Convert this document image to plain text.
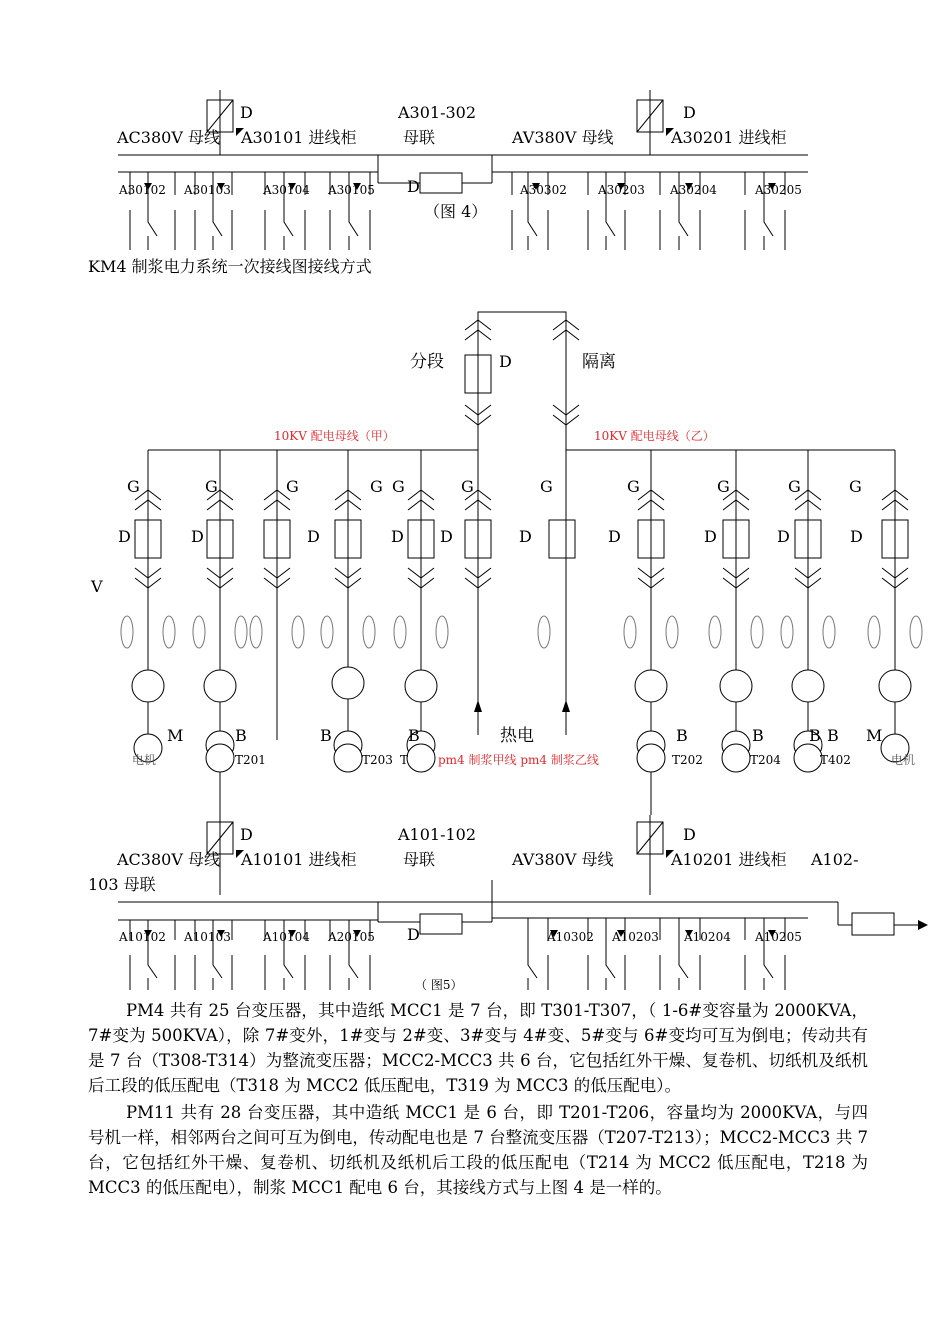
D
AC380V 母线 A30101 进线柜
A301-302
母联	AV380V 母线
D
A30201 进线柜
D
（图 4）
A30102 A30103	A30104 A30105	A30302	A30203 A30204	A30205
KM4 制浆电力系统一次接线图接线方式
分段	D	隔离
10KV 配电母线（甲）	10KV 配电母线（乙）
G	G	G	G G	G	G	G	G	G	G
D	D	D	D D	D	D	D	D	D
V
M	B	B	B	B	B	B B M
热电
电机	T201	T203 T	T202	T204	T402	电机
pm4 制浆甲线 pm4 制浆乙线
D
AC380V 母线 A10101 进线柜
A101-102
母联	AV380V 母线
D
A10201 进线柜 A102-
103 母联
D
A10102 A10103	A10104 A20105	A10302 A10203 A10204 A10205
（ 图5）

PM4 共有 25 台变压器，其中造纸 MCC1 是 7 台，即 T301-T307，（ 1-6#变容量为 2000KVA， 7#变为 500KVA），除 7#变外，1#变与 2#变、3#变与 4#变、5#变与 6#变均可互为倒电；传动共有是 7 台（T308-T314）为整流变压器；MCC2-MCC3 共 6 台，它包括红外干燥、复卷机、切纸机及纸机后工段的低压配电（T318 为 MCC2 低压配电，T319 为 MCC3 的低压配电）。

PM11 共有 28 台变压器，其中造纸 MCC1 是 6 台，即 T201-T206，容量均为 2000KVA，与四号机一样，相邻两台之间可互为倒电，传动配电也是 7 台整流变压器（T207-T213）；MCC2-MCC3 共 7 台，它包括红外干燥、复卷机、切纸机及纸机后工段的低压配电（T214 为 MCC2 低压配电，T218 为 MCC3 的低压配电），制浆 MCC1 配电 6 台，其接线方式与上图 4 是一样的。
